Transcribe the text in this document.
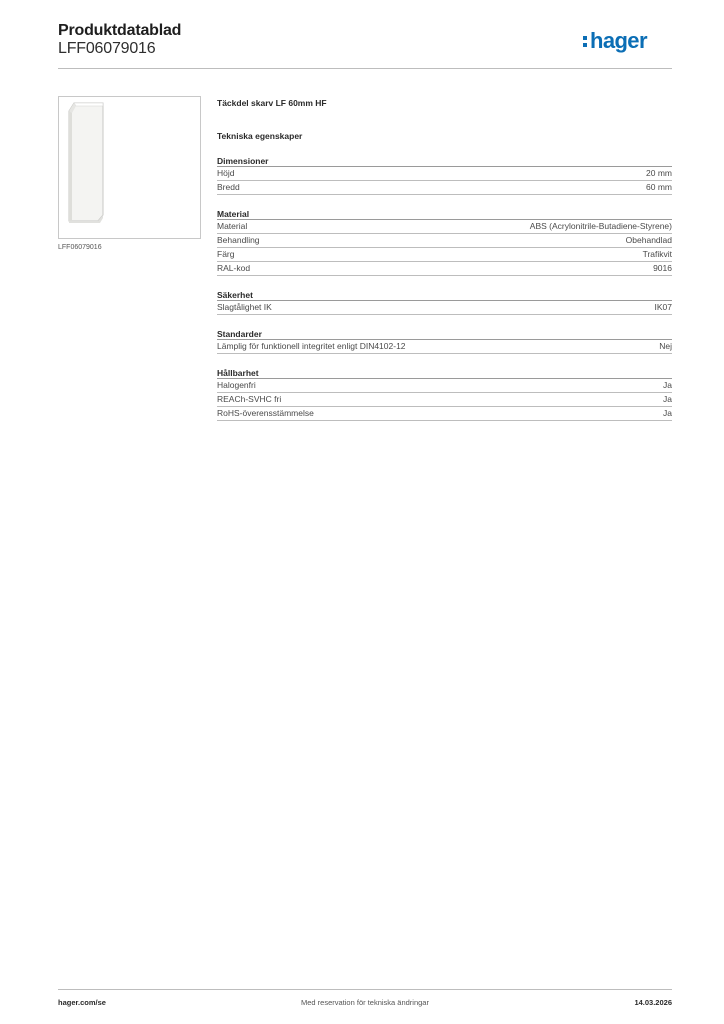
Produktdatablad
LFF06079016	hager
LFF06079016
Täckdel skarv LF 60mm HF
Tekniska egenskaper
Dimensioner
Höjd	20 mm
Bredd	60 mm
Material
Material	ABS (Acrylonitrile-Butadiene-Styrene)
Behandling	Obehandlad
Färg	Trafikvit
RAL-kod	9016
Säkerhet
Slagtålighet IK	IK07
Standarder
Lämplig för funktionell integritet enligt DIN4102-12	Nej
Hållbarhet
Halogenfri	Ja
REACh-SVHC fri	Ja
RoHS-överensstämmelse	Ja
Med reservation för tekniska ändringar
hager.com/se	14.03.2026
